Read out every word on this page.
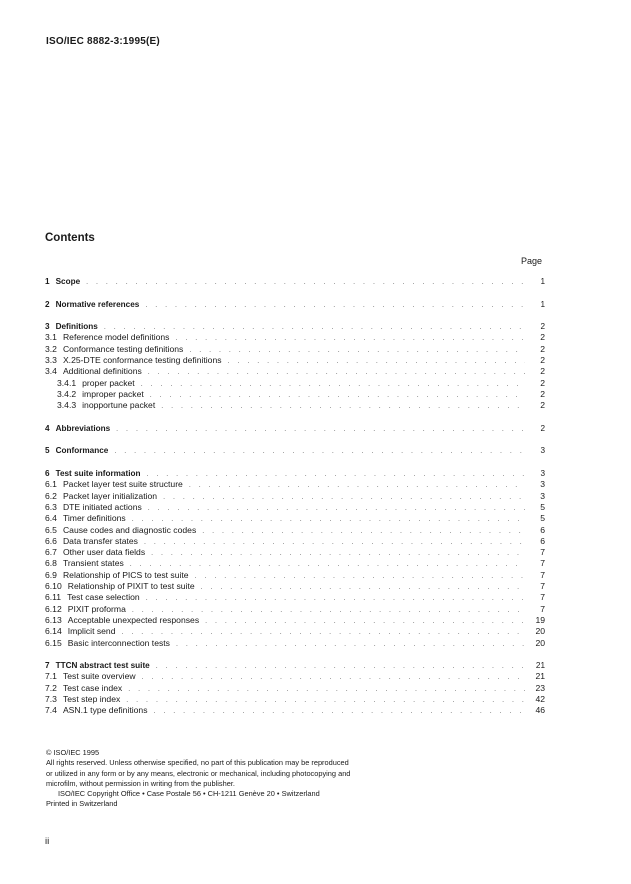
ISO/IEC 8882-3:1995(E)
Contents
Page
1 Scope . . .	1
2 Normative references . . .	1
3 Definitions . . .	2
3.1 Reference model definitions . . .	2
3.2 Conformance testing definitions . . .	2
3.3 X.25-DTE conformance testing definitions . . .	2
3.4 Additional definitions . . .	2
3.4.1 proper packet . . .	2
3.4.2 improper packet . . .	2
3.4.3 inopportune packet . . .	2
4 Abbreviations . . .	2
5 Conformance . . .	3
6 Test suite information . . .	3
6.1 Packet layer test suite structure . . .	3
6.2 Packet layer initialization . . .	3
6.3 DTE initiated actions . . .	5
6.4 Timer definitions . . .	5
6.5 Cause codes and diagnostic codes . . .	6
6.6 Data transfer states . . .	6
6.7 Other user data fields . . .	7
6.8 Transient states . . .	7
6.9 Relationship of PICS to test suite . . .	7
6.10 Relationship of PIXIT to test suite . . .	7
6.11 Test case selection . . .	7
6.12 PIXIT proforma . . .	7
6.13 Acceptable unexpected responses . . .	19
6.14 Implicit send . . .	20
6.15 Basic interconnection tests . . .	20
7 TTCN abstract test suite . . .	21
7.1 Test suite overview . . .	21
7.2 Test case index . . .	23
7.3 Test step index . . .	42
7.4 ASN.1 type definitions . . .	46
© ISO/IEC 1995
All rights reserved. Unless otherwise specified, no part of this publication may be reproduced
or utilized in any form or by any means, electronic or mechanical, including photocopying and
microfilm, without permission in writing from the publisher.
ISO/IEC Copyright Office • Case Postale 56 • CH-1211 Genève 20 • Switzerland
Printed in Switzerland
ii
